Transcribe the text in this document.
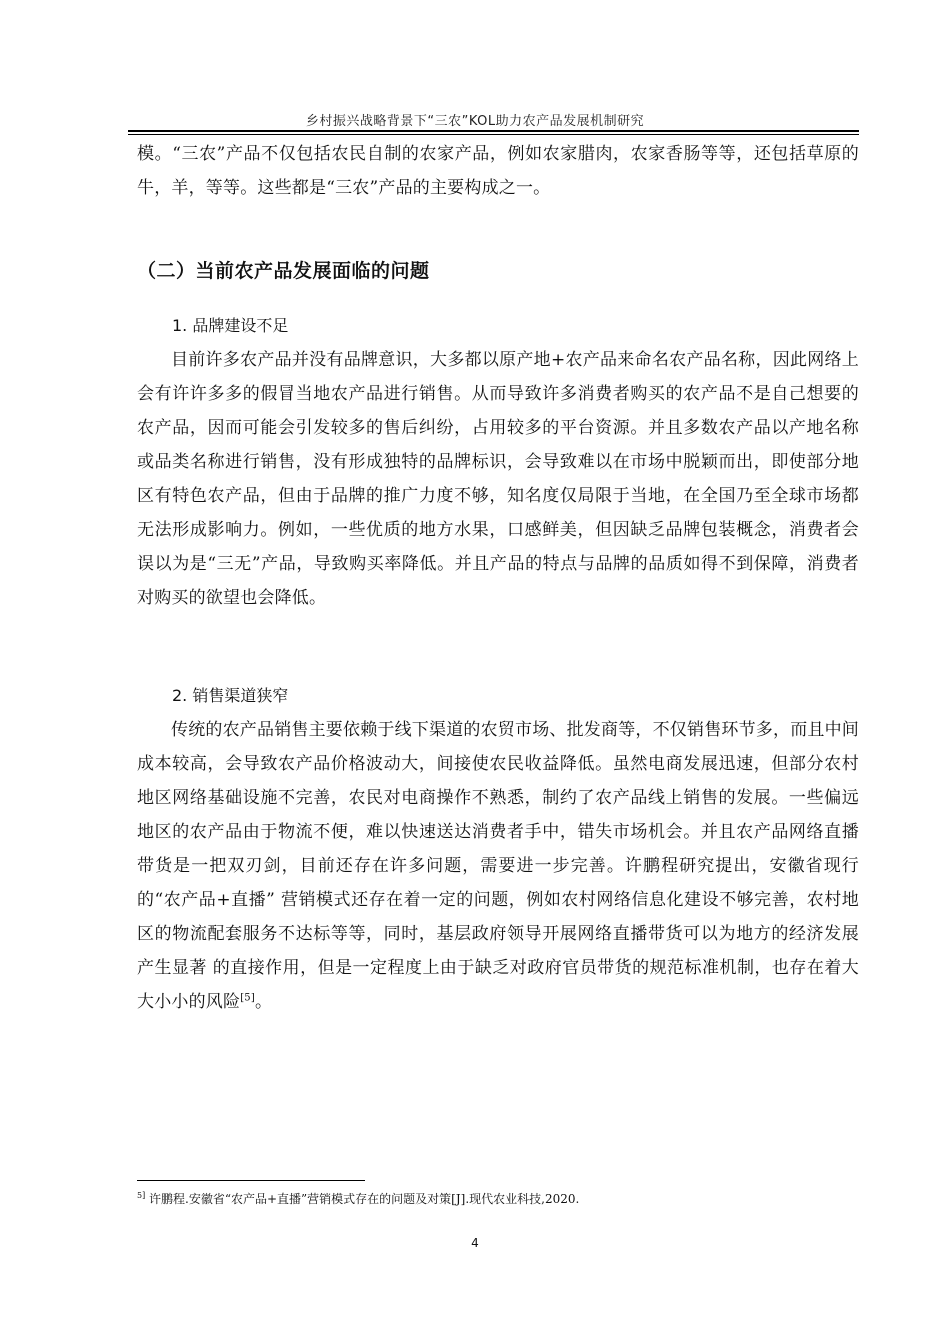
乡村振兴战略背景下“三农”KOL助力农产品发展机制研究
模。“三农”产品不仅包括农民自制的农家产品，例如农家腊肉，农家香肠等等，还包括草原的牛，羊，等等。这些都是“三农”产品的主要构成之一。
（二）当前农产品发展面临的问题
1. 品牌建设不足
目前许多农产品并没有品牌意识，大多都以原产地+农产品来命名农产品名称，因此网络上会有许许多多的假冒当地农产品进行销售。从而导致许多消费者购买的农产品不是自己想要的农产品，因而可能会引发较多的售后纠纷，占用较多的平台资源。并且多数农产品以产地名称或品类名称进行销售，没有形成独特的品牌标识，会导致难以在市场中脱颖而出，即使部分地区有特色农产品，但由于品牌的推广力度不够，知名度仅局限于当地，在全国乃至全球市场都无法形成影响力。例如，一些优质的地方水果，口感鲜美，但因缺乏品牌包装概念，消费者会误以为是“三无”产品，导致购买率降低。并且产品的特点与品牌的品质如得不到保障，消费者对购买的欲望也会降低。
2. 销售渠道狭窄
传统的农产品销售主要依赖于线下渠道的农贸市场、批发商等，不仅销售环节多，而且中间成本较高，会导致农产品价格波动大，间接使农民收益降低。虽然电商发展迅速，但部分农村地区网络基础设施不完善，农民对电商操作不熟悉，制约了农产品线上销售的发展。一些偏远地区的农产品由于物流不便，难以快速送达消费者手中，错失市场机会。并且农产品网络直播带货是一把双刃剑，目前还存在许多问题，需要进一步完善。许鹏程研究提出，安徽省现行的“农产品+直播” 营销模式还存在着一定的问题，例如农村网络信息化建设不够完善，农村地区的物流配套服务不达标等等，同时，基层政府领导开展网络直播带货可以为地方的经济发展产生显著 的直接作用，但是一定程度上由于缺乏对政府官员带货的规范标准机制，也存在着大大小小的风险[5]。
$^{5]}$ 许鹏程.安徽省“农产品+直播”营销模式存在的问题及对策[J].现代农业科技,2020.
4
